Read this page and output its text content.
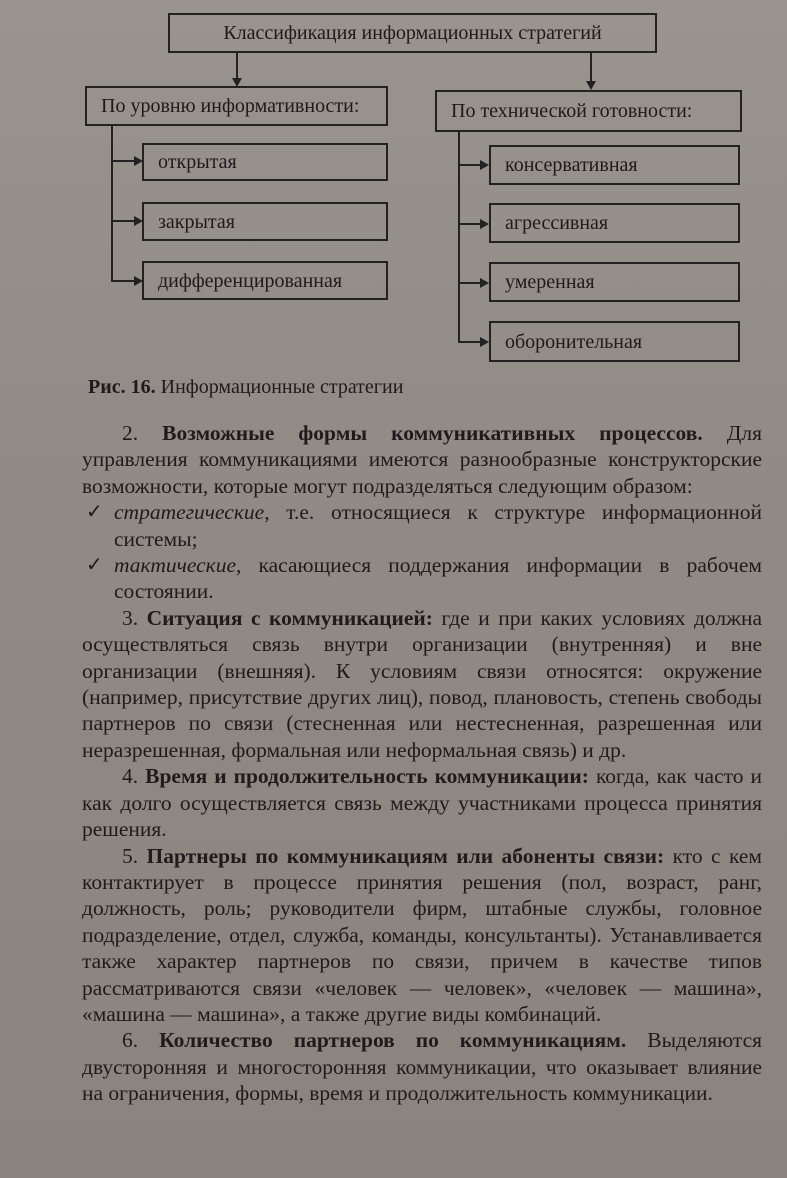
Классификация информационных стратегий
По уровню информативности:	По технической готовности:
открытая
закрытая
дифференцированная
консервативная
агрессивная
умеренная
оборонительная
Рис. 16. Информационные стратегии

2. Возможные формы коммуникативных процессов. Для управления коммуникациями имеются разнообразные конструкторские возможности, которые могут подразделяться следующим образом:

✓ стратегические, т.е. относящиеся к структуре информационной системы;

✓ тактические, касающиеся поддержания информации в рабочем состоянии.

3. Ситуация с коммуникацией: где и при каких условиях должна осуществляться связь внутри организации (внутренняя) и вне организации (внешняя). К условиям связи относятся: окружение (например, присутствие других лиц), повод, плановость, степень свободы партнеров по связи (стесненная или нестесненная, разрешенная или неразрешенная, формальная или неформальная связь) и др.

4. Время и продолжительность коммуникации: когда, как часто и как долго осуществляется связь между участниками процесса принятия решения.

5. Партнеры по коммуникациям или абоненты связи: кто с кем контактирует в процессе принятия решения (пол, возраст, ранг, должность, роль; руководители фирм, штабные службы, головное подразделение, отдел, служба, команды, консультанты). Устанавливается также характер партнеров по связи, причем в качестве типов рассматриваются связи «человек — человек», «человек — машина», «машина — машина», а также другие виды комбинаций.

6. Количество партнеров по коммуникациям. Выделяются двусторонняя и многосторонняя коммуникации, что оказывает влияние на ограничения, формы, время и продолжительность коммуникации.
